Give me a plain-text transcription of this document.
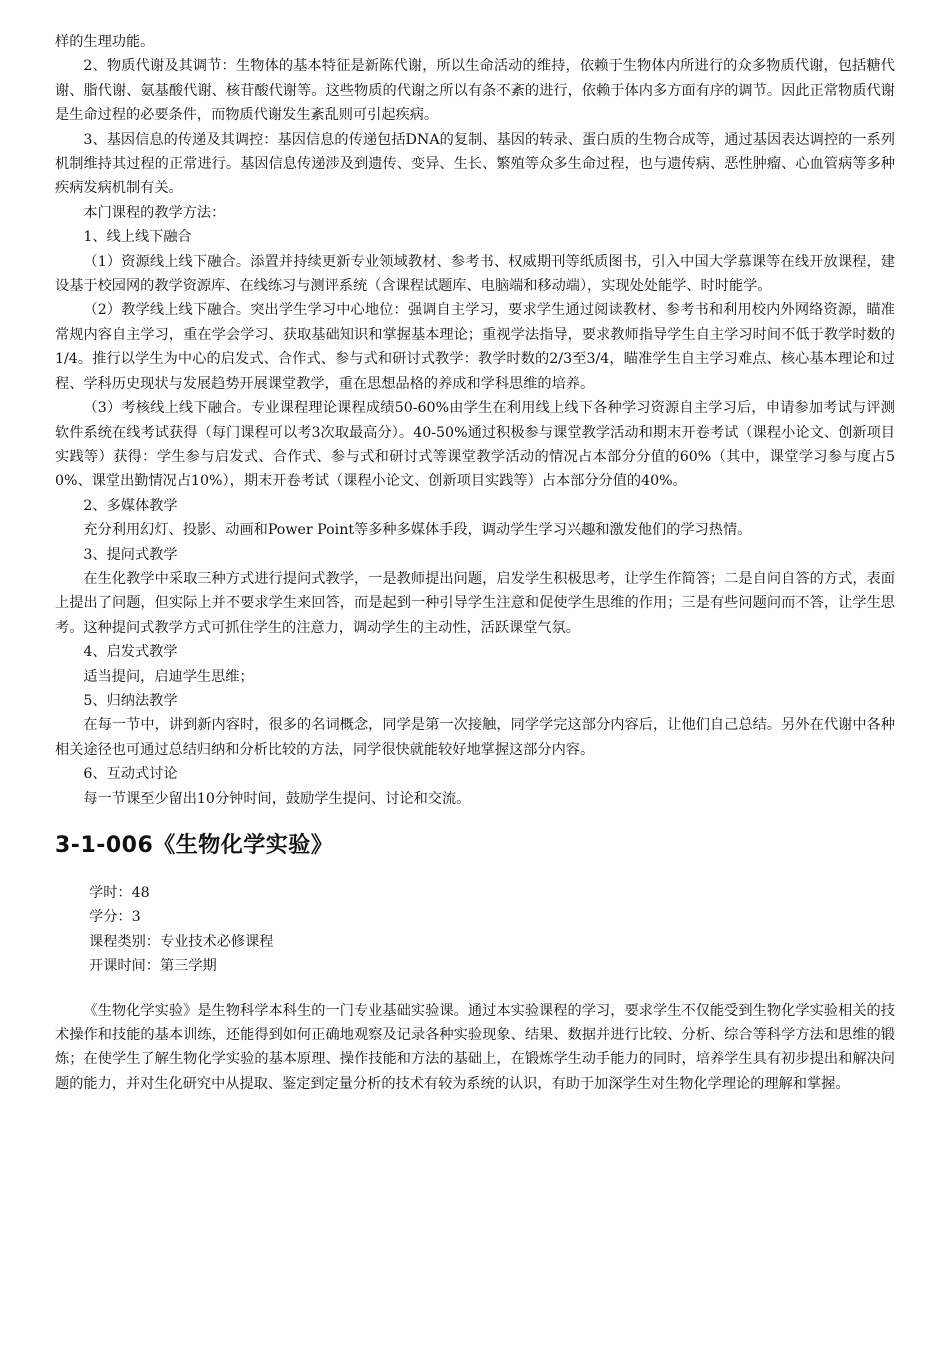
样的生理功能。

2、物质代谢及其调节：生物体的基本特征是新陈代谢，所以生命活动的维持，依赖于生物体内所进行的众多物质代谢，包括糖代谢、脂代谢、氨基酸代谢、核苷酸代谢等。这些物质的代谢之所以有条不紊的进行，依赖于体内多方面有序的调节。因此正常物质代谢是生命过程的必要条件，而物质代谢发生紊乱则可引起疾病。

3、基因信息的传递及其调控：基因信息的传递包括DNA的复制、基因的转录、蛋白质的生物合成等，通过基因表达调控的一系列机制维持其过程的正常进行。基因信息传递涉及到遗传、变异、生长、繁殖等众多生命过程，也与遗传病、恶性肿瘤、心血管病等多种疾病发病机制有关。

本门课程的教学方法：

1、线上线下融合

（1）资源线上线下融合。添置并持续更新专业领域教材、参考书、权威期刊等纸质图书，引入中国大学慕课等在线开放课程，建设基于校园网的教学资源库、在线练习与测评系统（含课程试题库、电脑端和移动端），实现处处能学、时时能学。

（2）教学线上线下融合。突出学生学习中心地位：强调自主学习，要求学生通过阅读教材、参考书和利用校内外网络资源，瞄准常规内容自主学习，重在学会学习、获取基础知识和掌握基本理论；重视学法指导，要求教师指导学生自主学习时间不低于教学时数的1/4。推行以学生为中心的启发式、合作式、参与式和研讨式教学：教学时数的2/3至3/4，瞄准学生自主学习难点、核心基本理论和过程、学科历史现状与发展趋势开展课堂教学，重在思想品格的养成和学科思维的培养。

（3）考核线上线下融合。专业课程理论课程成绩50-60%由学生在利用线上线下各种学习资源自主学习后，申请参加考试与评测软件系统在线考试获得（每门课程可以考3次取最高分）。40-50%通过积极参与课堂教学活动和期末开卷考试（课程小论文、创新项目实践等）获得：学生参与启发式、合作式、参与式和研讨式等课堂教学活动的情况占本部分分值的60%（其中，课堂学习参与度占50%、课堂出勤情况占10%），期末开卷考试（课程小论文、创新项目实践等）占本部分分值的40%。

2、多媒体教学

充分利用幻灯、投影、动画和Power Point等多种多媒体手段，调动学生学习兴趣和激发他们的学习热情。

3、提问式教学

在生化教学中采取三种方式进行提问式教学，一是教师提出问题，启发学生积极思考，让学生作简答；二是自问自答的方式，表面上提出了问题，但实际上并不要求学生来回答，而是起到一种引导学生注意和促使学生思维的作用；三是有些问题问而不答，让学生思考。这种提问式教学方式可抓住学生的注意力，调动学生的主动性，活跃课堂气氛。

4、启发式教学

适当提问，启迪学生思维；

5、归纳法教学

在每一节中，讲到新内容时，很多的名词概念，同学是第一次接触，同学学完这部分内容后，让他们自己总结。另外在代谢中各种相关途径也可通过总结归纳和分析比较的方法，同学很快就能较好地掌握这部分内容。

6、互动式讨论

每一节课至少留出10分钟时间，鼓励学生提问、讨论和交流。

3-1-006《生物化学实验》

学时：48

学分：3

课程类别：专业技术必修课程

开课时间：第三学期

《生物化学实验》是生物科学本科生的一门专业基础实验课。通过本实验课程的学习，要求学生不仅能受到生物化学实验相关的技术操作和技能的基本训练，还能得到如何正确地观察及记录各种实验现象、结果、数据并进行比较、分析、综合等科学方法和思维的锻炼；在使学生了解生物化学实验的基本原理、操作技能和方法的基础上，在锻炼学生动手能力的同时，培养学生具有初步提出和解决问题的能力，并对生化研究中从提取、鉴定到定量分析的技术有较为系统的认识，有助于加深学生对生物化学理论的理解和掌握。
